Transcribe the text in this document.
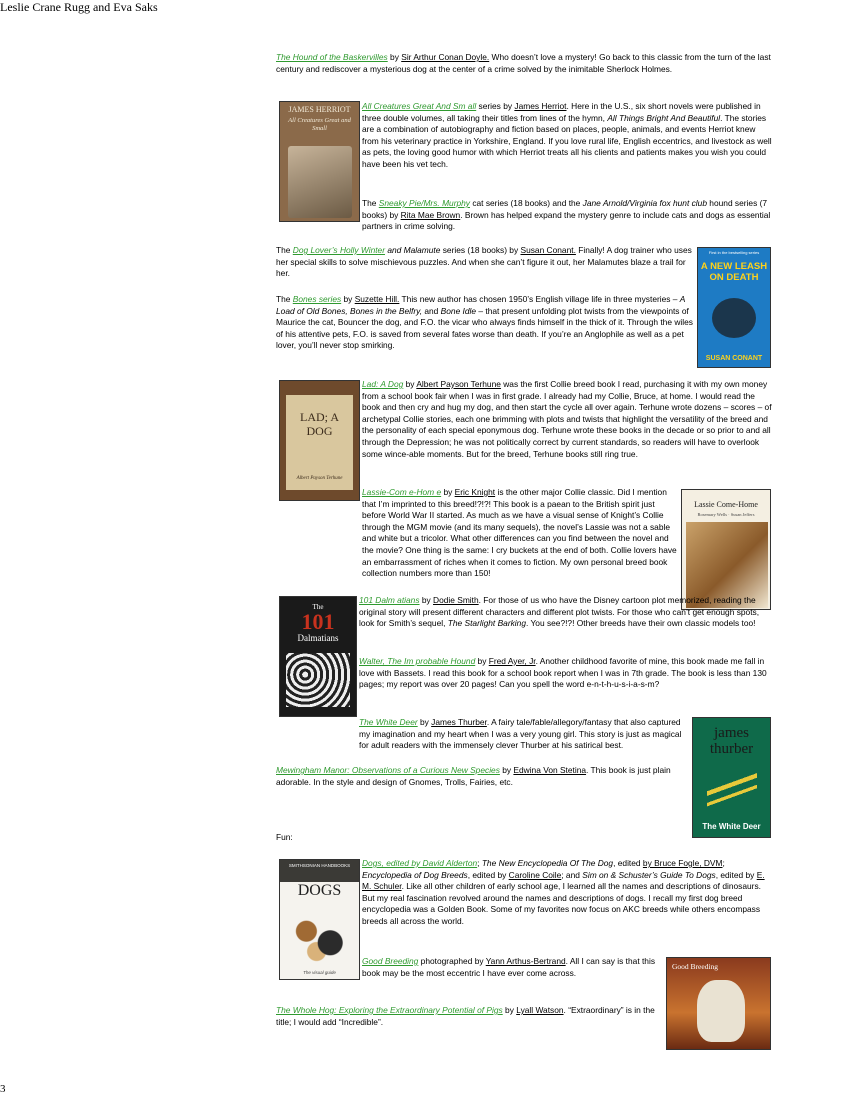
Leslie Crane Rugg and Eva Saks

The Hound of the Baskervilles by Sir Arthur Conan Doyle. Who doesn’t love a mystery! Go back to this classic from the turn of the last century and rediscover a mysterious dog at the center of a crime solved by the inimitable Sherlock Holmes.

JAMES HERRIOT
All Creatures Great and Small

All Creatures Great And Sm all series by James Herriot. Here in the U.S., six short novels were published in three double volumes, all taking their titles from lines of the hymn, All Things Bright And Beautiful. The stories are a combination of autobiography and fiction based on places, people, animals, and events Herriot knew from his veterinary practice in Yorkshire, England. If you love rural life, English eccentrics, and livestock as well as pets, the loving good humor with which Herriot treats all his clients and patients makes you wish you could have been his vet tech.

The Sneaky Pie/Mrs. Murphy cat series (18 books) and the Jane Arnold/Virginia fox hunt club hound series (7 books) by Rita Mae Brown. Brown has helped expand the mystery genre to include cats and dogs as essential partners in crime solving.

The Dog Lover’s Holly Winter and Malamute series (18 books) by Susan Conant. Finally! A dog trainer who uses her special skills to solve mischievous puzzles. And when she can’t figure it out, her Malamutes blaze a trail for her.

First in the bestselling series
A NEW LEASH
ON DEATH
SUSAN CONANT

The Bones series by Suzette Hill. This new author has chosen 1950’s English village life in three mysteries – A Load of Old Bones, Bones in the Belfry, and Bone Idle – that present unfolding plot twists from the viewpoints of Maurice the cat, Bouncer the dog, and F.O. the vicar who always finds himself in the thick of it. Through the wiles of his attentive pets, F.O. is saved from several fates worse than death. If you’re an Anglophile as well as a pet lover, you’ll never stop smirking.

LAD; A
DOG
Albert Payson Terhune

Lad: A Dog by Albert Payson Terhune was the first Collie breed book I read, purchasing it with my own money from a school book fair when I was in first grade. I already had my Collie, Bruce, at home. I would read the book and then cry and hug my dog, and then start the cycle all over again. Terhune wrote dozens – scores – of archetypal Collie stories, each one brimming with plots and twists that highlight the versatility of the breed and the personality of each special eponymous dog. Terhune wrote these books in the decade or so prior to and all through the Depression; he was not politically correct by current standards, so readers will have to overlook some wince-able moments. But for the breed, Terhune books still ring true.

Lassie-Com e-Hom e by Eric Knight is the other major Collie classic. Did I mention that I’m imprinted to this breed!?!?! This book is a paean to the British spirit just before World War II started. As much as we have a visual sense of Knight’s Collie through the MGM movie (and its many sequels), the novel’s Lassie was not a sable and white but a tricolor. What other differences can you find between the novel and the movie? One thing is the same: I cry buckets at the end of both. Collie lovers have an embarrassment of riches when it comes to fiction. My own personal breed book collection numbers more than 150!

Lassie Come-Home
Rosemary Wells · Susan Jeffers
The
101
Dalmatians

101 Dalm atians by Dodie Smith. For those of us who have the Disney cartoon plot memorized, reading the original story will present different characters and different plot twists. For those who can’t get enough spots, look for Smith’s sequel, The Starlight Barking. You see?!?! Other breeds have their own classic models too!

Walter, The Im probable Hound by Fred Ayer, Jr. Another childhood favorite of mine, this book made me fall in love with Bassets. I read this book for a school book report when I was in 7th grade. The book is less than 130 pages; my report was over 20 pages! Can you spell the word e-n-t-h-u-s-i-a-s-m?

The White Deer by James Thurber. A fairy tale/fable/allegory/fantasy that also captured my imagination and my heart when I was a very young girl. This story is just as magical for adult readers with the immensely clever Thurber at his satirical best.

james
thurber
The White Deer

Mewingham Manor: Observations of a Curious New Species by Edwina Von Stetina. This book is just plain adorable. In the style and design of Gnomes, Trolls, Fairies, etc.

Fun:

SMITHSONIAN HANDBOOKS
DOGS
The visual guide

Dogs, edited by David Alderton; The New Encyclopedia Of The Dog, edited by Bruce Fogle, DVM; Encyclopedia of Dog Breeds, edited by Caroline Coile; and Sim on & Schuster’s Guide To Dogs, edited by E. M. Schuler. Like all other children of early school age, I learned all the names and descriptions of dinosaurs. But my real fascination revolved around the names and descriptions of dogs. I recall my first dog breed encyclopedia was a Golden Book. Some of my favorites now focus on AKC breeds while others encompass breeds all across the world.

Good Breeding photographed by Yann Arthus-Bertrand. All I can say is that this book may be the most eccentric I have ever come across.

Good Breeding

The Whole Hog: Exploring the Extraordinary Potential of Pigs by Lyall Watson. “Extraordinary” is in the title; I would add “Incredible”.

3
